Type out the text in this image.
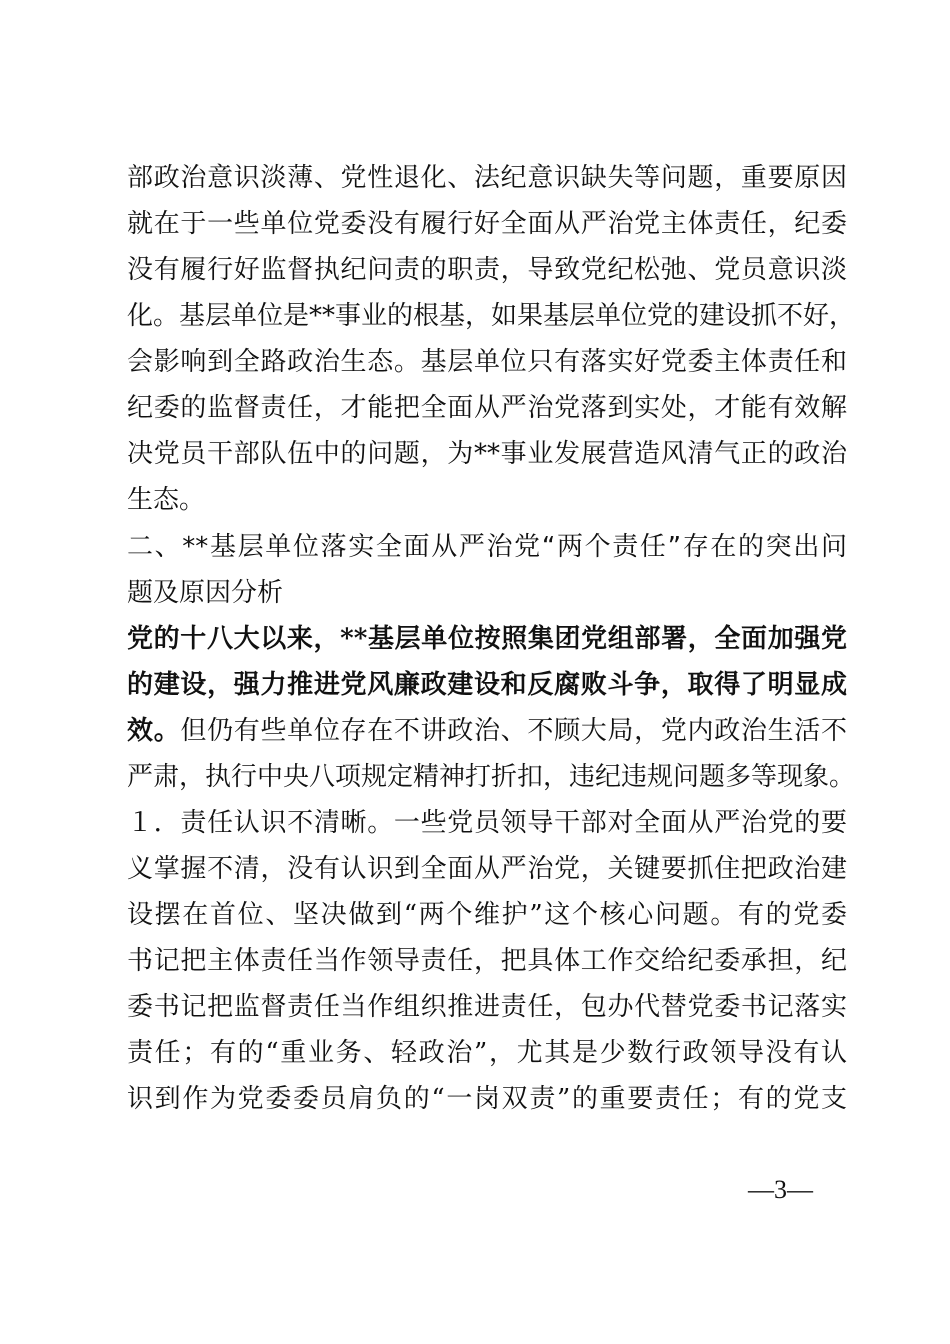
部政治意识淡薄、党性退化、法纪意识缺失等问题，重要原因
就在于一些单位党委没有履行好全面从严治党主体责任，纪委
没有履行好监督执纪问责的职责，导致党纪松弛、党员意识淡
化。基层单位是**事业的根基，如果基层单位党的建设抓不好，
会影响到全路政治生态。基层单位只有落实好党委主体责任和
纪委的监督责任，才能把全面从严治党落到实处，才能有效解
决党员干部队伍中的问题，为**事业发展营造风清气正的政治
生态。
二、**基层单位落实全面从严治党“两个责任”存在的突出问
题及原因分析
党的十八大以来，**基层单位按照集团党组部署，全面加强党
的建设，强力推进党风廉政建设和反腐败斗争，取得了明显成
效。但仍有些单位存在不讲政治、不顾大局，党内政治生活不
严肃，执行中央八项规定精神打折扣，违纪违规问题多等现象。
１．责任认识不清晰。一些党员领导干部对全面从严治党的要
义掌握不清，没有认识到全面从严治党，关键要抓住把政治建
设摆在首位、坚决做到“两个维护”这个核心问题。有的党委
书记把主体责任当作领导责任，把具体工作交给纪委承担，纪
委书记把监督责任当作组织推进责任，包办代替党委书记落实
责任；有的“重业务、轻政治”，尤其是少数行政领导没有认
识到作为党委委员肩负的“一岗双责”的重要责任；有的党支
—3—
